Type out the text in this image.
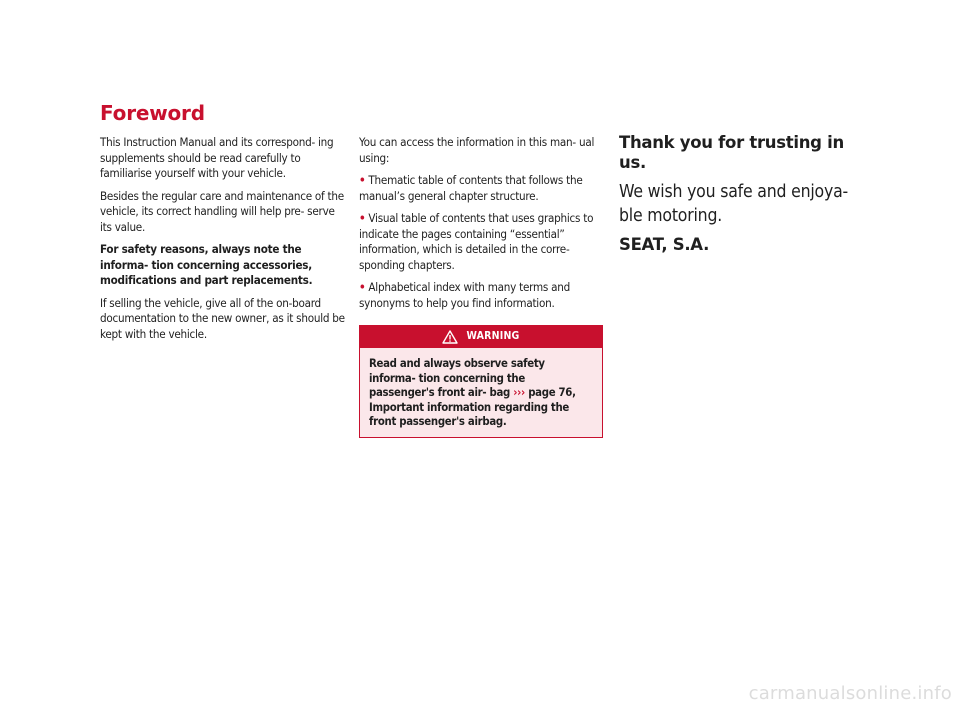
Foreword

This Instruction Manual and its correspond- ing supplements should be read carefully to familiarise yourself with your vehicle.

Besides the regular care and maintenance of the vehicle, its correct handling will help pre- serve its value.

For safety reasons, always note the informa- tion concerning accessories, modifications and part replacements.

If selling the vehicle, give all of the on-board documentation to the new owner, as it should be kept with the vehicle.

You can access the information in this man- ual using:

• Thematic table of contents that follows the manual’s general chapter structure.

• Visual table of contents that uses graphics to indicate the pages containing “essential” information, which is detailed in the corre- sponding chapters.

• Alphabetical index with many terms and synonyms to help you find information.

WARNING
Read and always observe safety informa- tion concerning the passenger's front air- bag ››› page 76, Important information regarding the front passenger's airbag.

Thank you for trusting in us.

We wish you safe and enjoya- ble motoring.

SEAT, S.A.

carmanualsonline.info
